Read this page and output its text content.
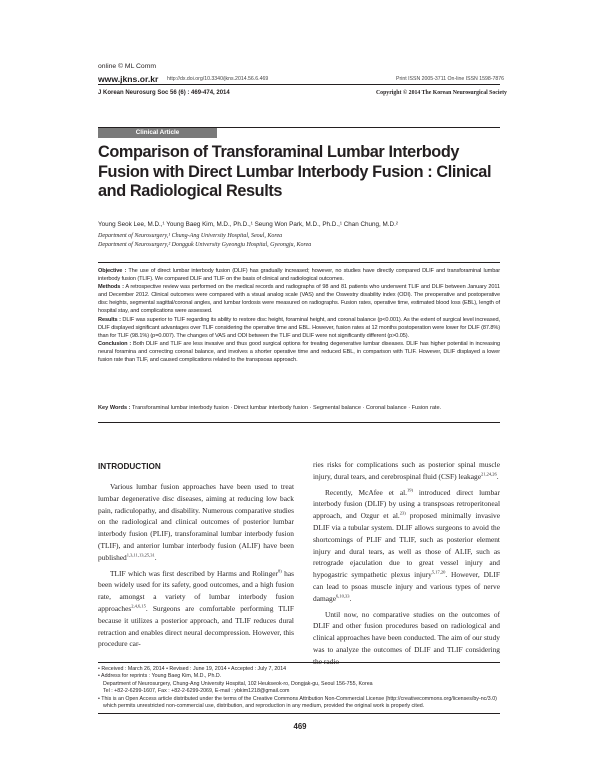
online © ML Comm
www.jkns.or.kr http://dx.doi.org/10.3340/jkns.2014.56.6.469	Print ISSN 2005-3711 On-line ISSN 1598-7876
J Korean Neurosurg Soc 56 (6) : 469-474, 2014	Copyright © 2014 The Korean Neurosurgical Society
Clinical Article
Comparison of Transforaminal Lumbar Interbody Fusion with Direct Lumbar Interbody Fusion : Clinical and Radiological Results
Young Seok Lee, M.D.,¹ Young Baeg Kim, M.D., Ph.D.,¹ Seung Won Park, M.D., Ph.D.,¹ Chan Chung, M.D.²
Department of Neurosurgery,¹ Chung-Ang University Hospital, Seoul, Korea
Department of Neurosurgery,² Dongguk University Gyeongju Hospital, Gyeongju, Korea
Objective : The use of direct lumbar interbody fusion (DLIF) has gradually increased; however, no studies have directly compared DLIF and transforaminal lumbar interbody fusion (TLIF). We compared DLIF and TLIF on the basis of clinical and radiological outcomes.
Methods : A retrospective review was performed on the medical records and radiographs of 98 and 81 patients who underwent TLIF and DLIF between January 2011 and December 2012. Clinical outcomes were compared with a visual analog scale (VAS) and the Oswestry disability index (ODI). The preoperative and postoperative disc heights, segmental sagittal/coronal angles, and lumbar lordosis were measured on radiographs. Fusion rates, operative time, estimated blood loss (EBL), length of hospital stay, and complications were assessed.
Results : DLIF was superior to TLIF regarding its ability to restore disc height, foraminal height, and coronal balance (p<0.001). As the extent of surgical level increased, DLIF displayed significant advantages over TLIF considering the operative time and EBL. However, fusion rates at 12 months postoperation were lower for DLIF (87.8%) than for TLIF (98.1%) (p=0.007). The changes of VAS and ODI between the TLIF and DLIF were not significantly different (p>0.05).
Conclusion : Both DLIF and TLIF are less invasive and thus good surgical options for treating degenerative lumbar diseases. DLIF has higher potential in increasing neural foramina and correcting coronal balance, and involves a shorter operative time and reduced EBL, in comparison with TLIF. However, DLIF displayed a lower fusion rate than TLIF, and caused complications related to the transpsoas approach.
Key Words : Transforaminal lumbar interbody fusion · Direct lumbar interbody fusion · Segmental balance · Coronal balance · Fusion rate.
INTRODUCTION

Various lumbar fusion approaches have been used to treat lumbar degenerative disc diseases, aiming at reducing low back pain, radiculopathy, and disability. Numerous comparative studies on the radiological and clinical outcomes of posterior lumbar interbody fusion (PLIF), transforaminal lumbar interbody fusion (TLIF), and anterior lumbar interbody fusion (ALIF) have been published$^{1,3,11,13,25,31}$.

TLIF which was first described by Harms and Rolinger$^{8)}$ has been widely used for its safety, good outcomes, and a high fusion rate, amongst a variety of lumbar interbody fusion approaches$^{2,4,6,15}$. Surgeons are comfortable performing TLIF because it utilizes a posterior approach, and TLIF reduces dural retraction and enables direct neural decompression. However, this procedure car-

ries risks for complications such as posterior spinal muscle injury, dural tears, and cerebrospinal fluid (CSF) leakage$^{21,24,26}$.

Recently, McAfee et al.$^{19)}$ introduced direct lumbar interbody fusion (DLIF) by using a transpsoas retroperitoneal approach, and Ozgur et al.$^{23)}$ proposed minimally invasive DLIF via a tubular system. DLIF allows surgeons to avoid the shortcomings of PLIF and TLIF, such as posterior element injury and dural tears, as well as those of ALIF, such as retrograde ejaculation due to great vessel injury and hypogastric sympathetic plexus injury$^{5,17,20}$. However, DLIF can lead to psoas muscle injury and various types of nerve damage$^{6,10,33}$.

Until now, no comparative studies on the outcomes of DLIF and other fusion procedures based on radiological and clinical approaches have been conducted. The aim of our study was to analyze the outcomes of DLIF and TLIF considering the radio-

• Received : March 26, 2014 • Revised : June 19, 2014 • Accepted : July 7, 2014
• Address for reprints : Young Baeg Kim, M.D., Ph.D.
Department of Neurosurgery, Chung-Ang University Hospital, 102 Heukseok-ro, Dongjak-gu, Seoul 156-755, Korea
Tel : +82-2-6299-1607, Fax : +82-2-6299-2069, E-mail : ybkim1218@gmail.com
• This is an Open Access article distributed under the terms of the Creative Commons Attribution Non-Commercial License (http://creativecommons.org/licenses/by-nc/3.0)
which permits unrestricted non-commercial use, distribution, and reproduction in any medium, provided the original work is properly cited.
469
